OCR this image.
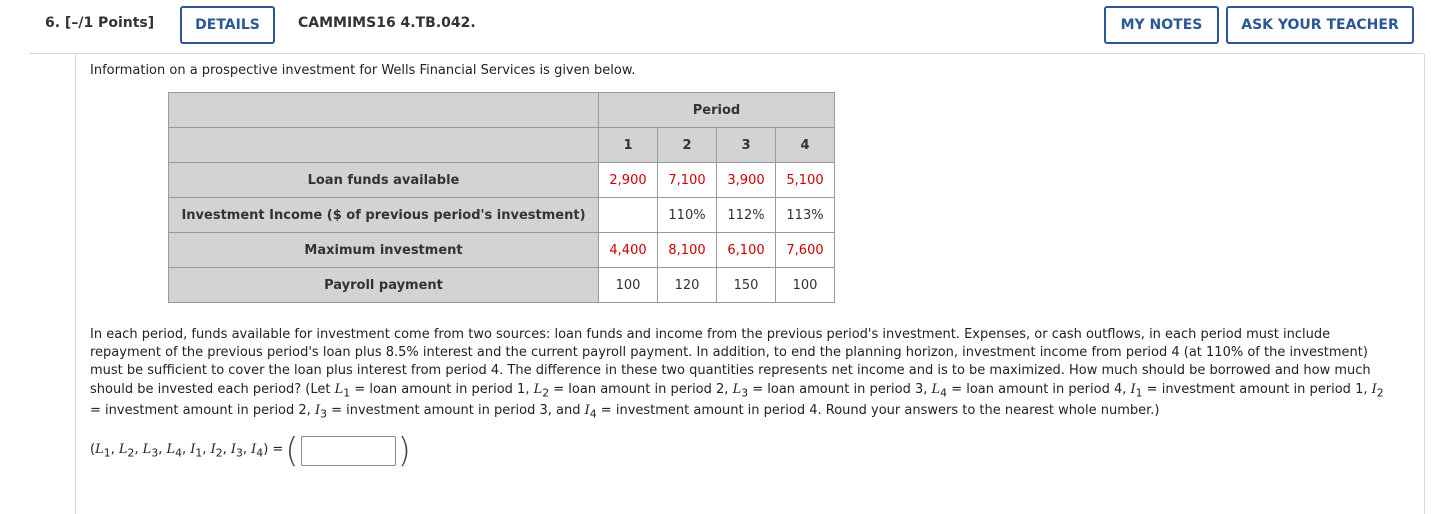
6. [–/1 Points]	DETAILS	CAMMIMS16 4.TB.042.	MY NOTES	ASK YOUR TEACHER
Information on a prospective investment for Wells Financial Services is given below.
	Period			
	1	2	3	4
Loan funds available	2,900	7,100	3,900	5,100
Investment Income ($ of previous period's investment)		110%	112%	113%
Maximum investment	4,400	8,100	6,100	7,600
Payroll payment	100	120	150	100
In each period, funds available for investment come from two sources: loan funds and income from the previous period's investment. Expenses, or cash outflows, in each period must include repayment of the previous period's loan plus 8.5% interest and the current payroll payment. In addition, to end the planning horizon, investment income from period 4 (at 110% of the investment) must be sufficient to cover the loan plus interest from period 4. The difference in these two quantities represents net income and is to be maximized. How much should be borrowed and how much should be invested each period? (Let $L_1$ = loan amount in period 1, $L_2$ = loan amount in period 2, $L_3$ = loan amount in period 3, $L_4$ = loan amount in period 4, $I_1$ = investment amount in period 1, $I_2$ = investment amount in period 2, $I_3$ = investment amount in period 3, and $I_4$ = investment amount in period 4. Round your answers to the nearest whole number.)
($L_1$, $L_2$, $L_3$, $L_4$, $I_1$, $I_2$, $I_3$, $I_4$) = (	)
